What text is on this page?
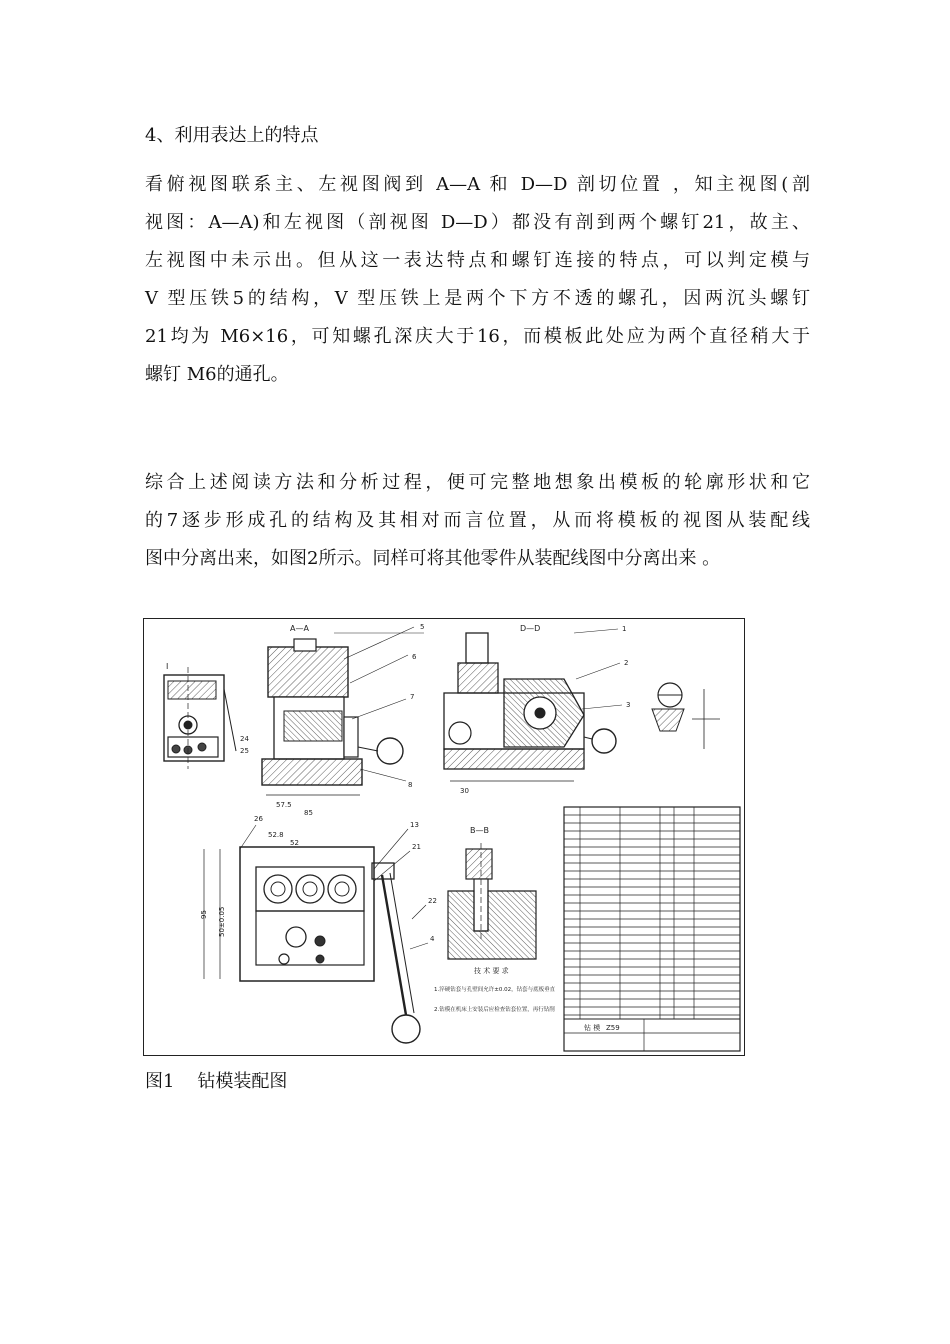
4、利用表达上的特点
看俯视图联系主、左视图阀到 A—A 和 D—D 剖切位置 ，知主视图(剖
视图：A—A)和左视图（剖视图 D—D）都没有剖到两个螺钉21，故主、
左视图中未示出。但从这一表达特点和螺钉连接的特点，可以判定模与
V 型压铁5的结构，V 型压铁上是两个下方不透的螺孔，因两沉头螺钉
21均为 M6×16，可知螺孔深庆大于16，而模板此处应为两个直径稍大于
螺钉 M6的通孔。
综合上述阅读方法和分析过程，便可完整地想象出模板的轮廓形状和它
的7逐步形成孔的结构及其相对而言位置，从而将模板的视图从装配线
图中分离出来，如图2所示。同样可将其他零件从装配线图中分离出来 。
I
24
25
A—A
57.5
85
5
6
7
8
D—D
30
1
2
3
52.8
52
95 50±0.05
26
13
21
22
4
B—B
技 术 要 求
1.淬硬钻套与孔壁间允许±0.02，钻套与底板垂直
2.钻模在机床上安装后应检查钻套位置，再行钻削
钻 模 Z59
图1    钻模装配图
